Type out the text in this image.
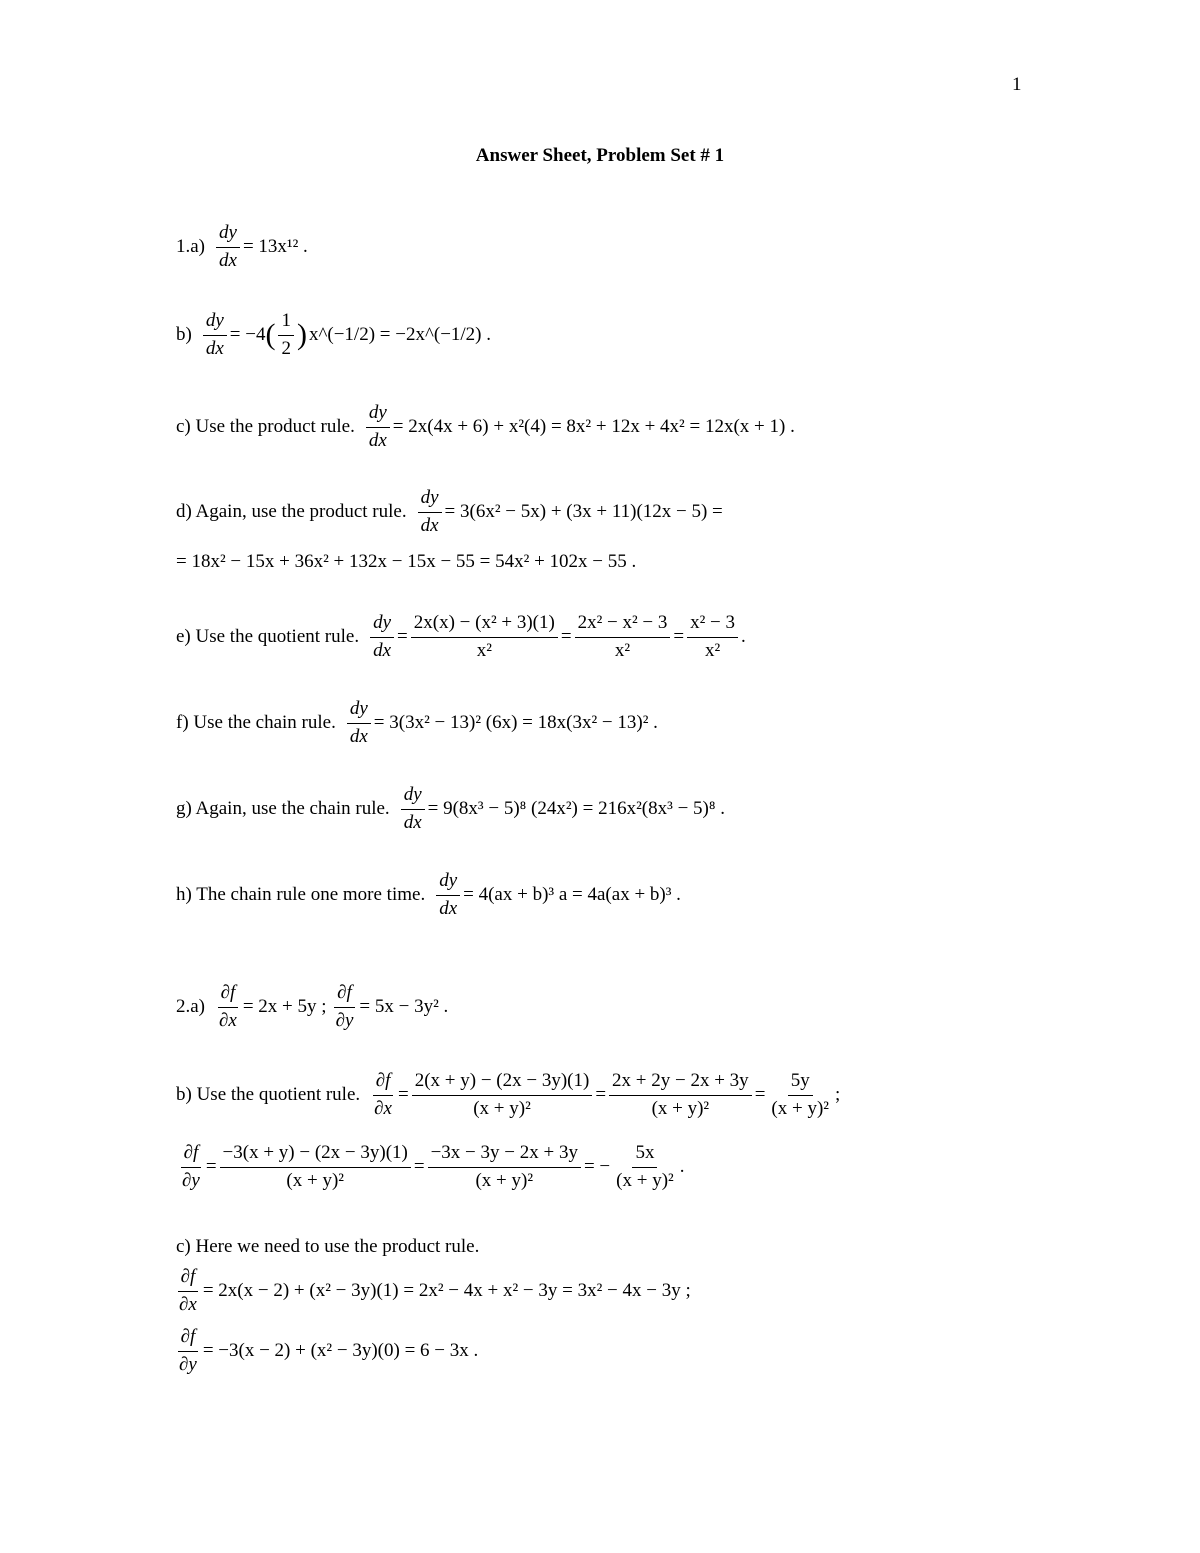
1
Answer Sheet, Problem Set # 1
$1.a) \frac{dy}{dx} = 13x^{12}$ .
$b) \frac{dy}{dx} = -4$ ( $\frac{1}{2}$ ) x^(−1/2) = −2x^(−1/2) .
c) Use the product rule. $\frac{dy}{dx} = 2x(4x + 6) + x^2(4) = 8x^2 + 12x + 4x^2 = 12x(x + 1)$ .
d) Again, use the product rule. $\frac{dy}{dx} = 3(6x^2 - 5x) + (3x + 11)(12x - 5)$ =
= 18x² − 15x + 36x² + 132x − 15x − 55 = 54x² + 102x − 55 .
e) Use the quotient rule. $\frac{dy}{dx} = \frac{\text{2x(x) − (x² + 3)(1)}}{\text{x²}} = \frac{\text{2x² − x² − 3}}{\text{x²}} = \frac{\text{x² − 3}}{\text{x²}}$ .
f) Use the chain rule. $\frac{dy}{dx} = 3(3x^2 - 13)^2$ (6x) = 18x(3x² − 13)² .
g) Again, use the chain rule. $\frac{dy}{dx} = 9(8x^3 - 5)^8$ (24x²) = 216x²(8x³ − 5)⁸ .
h) The chain rule one more time. $\frac{dy}{dx} = 4(ax + b)^3$ a = 4a(ax + b)³ .
$2.a) \frac{\partial f}{\partial x} = 2x + 5y$ ; $\frac{\partial f}{\partial y} = 5x - 3y^2$ .
b) Use the quotient rule. $\frac{\partial f}{\partial x} = \frac{2(x + y) - (2x - 3y)(1)}{\text{(x + y)²}} = \frac{2x + 2y - 2x + 3y}{\text{(x + y)²}} = \frac{5y}{\text{(x + y)²}}$ ;
$\frac{\partial f}{\partial y} = \frac{-3(x + y) - (2x - 3y)(1)}{\text{(x + y)²}} = \frac{-3x - 3y - 2x + 3y}{\text{(x + y)²}}$ = − $\frac{5x}{\text{(x + y)²}}$ .
c) Here we need to use the product rule.
$\frac{\partial f}{\partial x} = 2x(x - 2) + (x^2 - 3y)(1) = 2x^2 - 4x + x^2 - 3y = 3x^2 - 4x - 3y$ ;
$\frac{\partial f}{\partial y} = -3(x - 2) + (x^2 - 3y)(0) = 6 - 3x$ .
